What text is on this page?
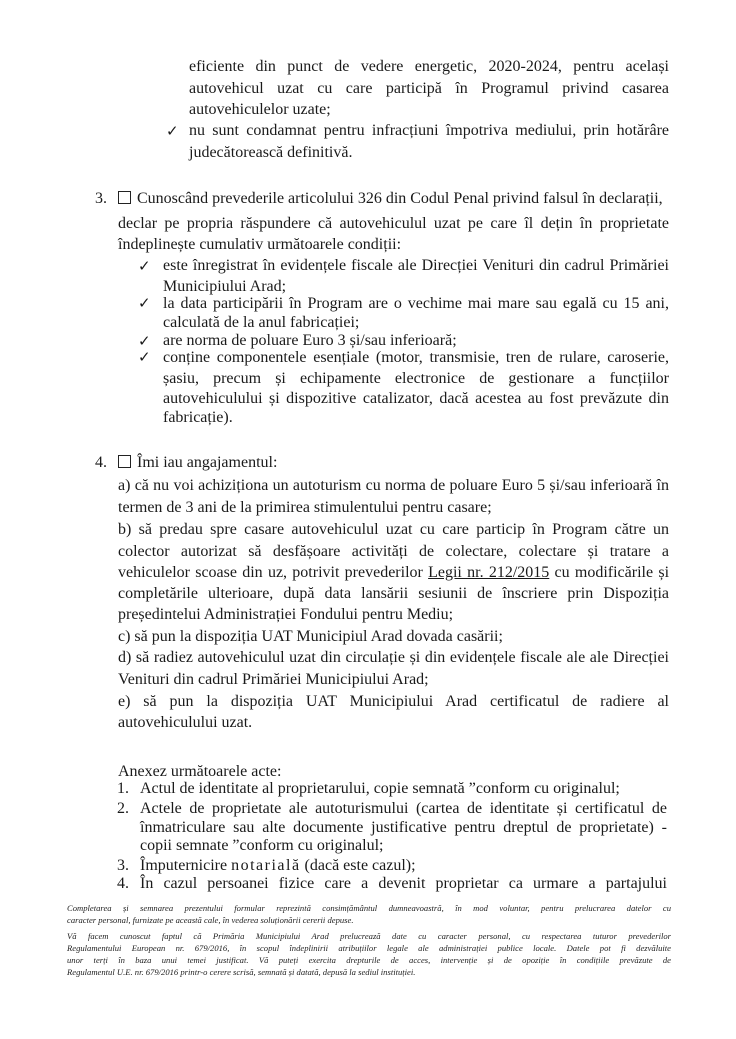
eficiente din punct de vedere energetic, 2020-2024, pentru același
autovehicul uzat cu care participă în Programul privind casarea
autovehiculelor uzate;
✓ nu sunt condamnat pentru infracțiuni împotriva mediului, prin hotărâre
judecătorească definitivă.
3.	Cunoscând prevederile articolului 326 din Codul Penal privind falsul în declarații,
declar pe propria răspundere că autovehiculul uzat pe care îl dețin în proprietate
îndeplinește cumulativ următoarele condiții:
✓ este înregistrat în evidențele fiscale ale Direcției Venituri din cadrul Primăriei
Municipiului Arad;
✓ la data participării în Program are o vechime mai mare sau egală cu 15 ani,
calculată de la anul fabricației;
✓ are norma de poluare Euro 3 și/sau inferioară;
✓ conține componentele esențiale (motor, transmisie, tren de rulare, caroserie,
șasiu, precum și echipamente electronice de gestionare a funcțiilor
autovehiculului și dispozitive catalizator, dacă acestea au fost prevăzute din
fabricație).
4.	Îmi iau angajamentul:
a) că nu voi achiziționa un autoturism cu norma de poluare Euro 5 și/sau inferioară în
termen de 3 ani de la primirea stimulentului pentru casare;
b) să predau spre casare autovehiculul uzat cu care particip în Program către un
colector autorizat să desfășoare activități de colectare, colectare și tratare a
vehiculelor scoase din uz, potrivit prevederilor Legii nr. 212/2015 cu modificările și
completările ulterioare, după data lansării sesiunii de înscriere prin Dispoziția
președintelui Administrației Fondului pentru Mediu;
c) să pun la dispoziția UAT Municipiul Arad dovada casării;
d) să radiez autovehiculul uzat din circulație și din evidențele fiscale ale ale Direcției
Venituri din cadrul Primăriei Municipiului Arad;
e) să pun la dispoziția UAT Municipiului Arad certificatul de radiere al
autovehiculului uzat.
Anexez următoarele acte:
1. Actul de identitate al proprietarului, copie semnată ”conform cu originalul;
2. Actele de proprietate ale autoturismului (cartea de identitate și certificatul de
înmatriculare sau alte documente justificative pentru dreptul de proprietate) -
copii semnate ”conform cu originalul;
3. Împuternicire notarială (dacă este cazul);
4. În cazul persoanei fizice care a devenit proprietar ca urmare a partajului
Completarea și semnarea prezentului formular reprezintă consimțământul dumneavoastră, în mod voluntar, pentru prelucrarea datelor cu
caracter personal, furnizate pe această cale, în vederea soluționării cererii depuse.
Vă facem cunoscut faptul că Primăria Municipiului Arad prelucrează date cu caracter personal, cu respectarea tuturor prevederilor
Regulamentului European nr. 679/2016, în scopul îndeplinirii atribuțiilor legale ale administrației publice locale. Datele pot fi dezvăluite
unor terți în baza unui temei justificat. Vă puteți exercita drepturile de acces, intervenție și de opoziție în condițiile prevăzute de
Regulamentul U.E. nr. 679/2016 printr-o cerere scrisă, semnată și datată, depusă la sediul instituției.
